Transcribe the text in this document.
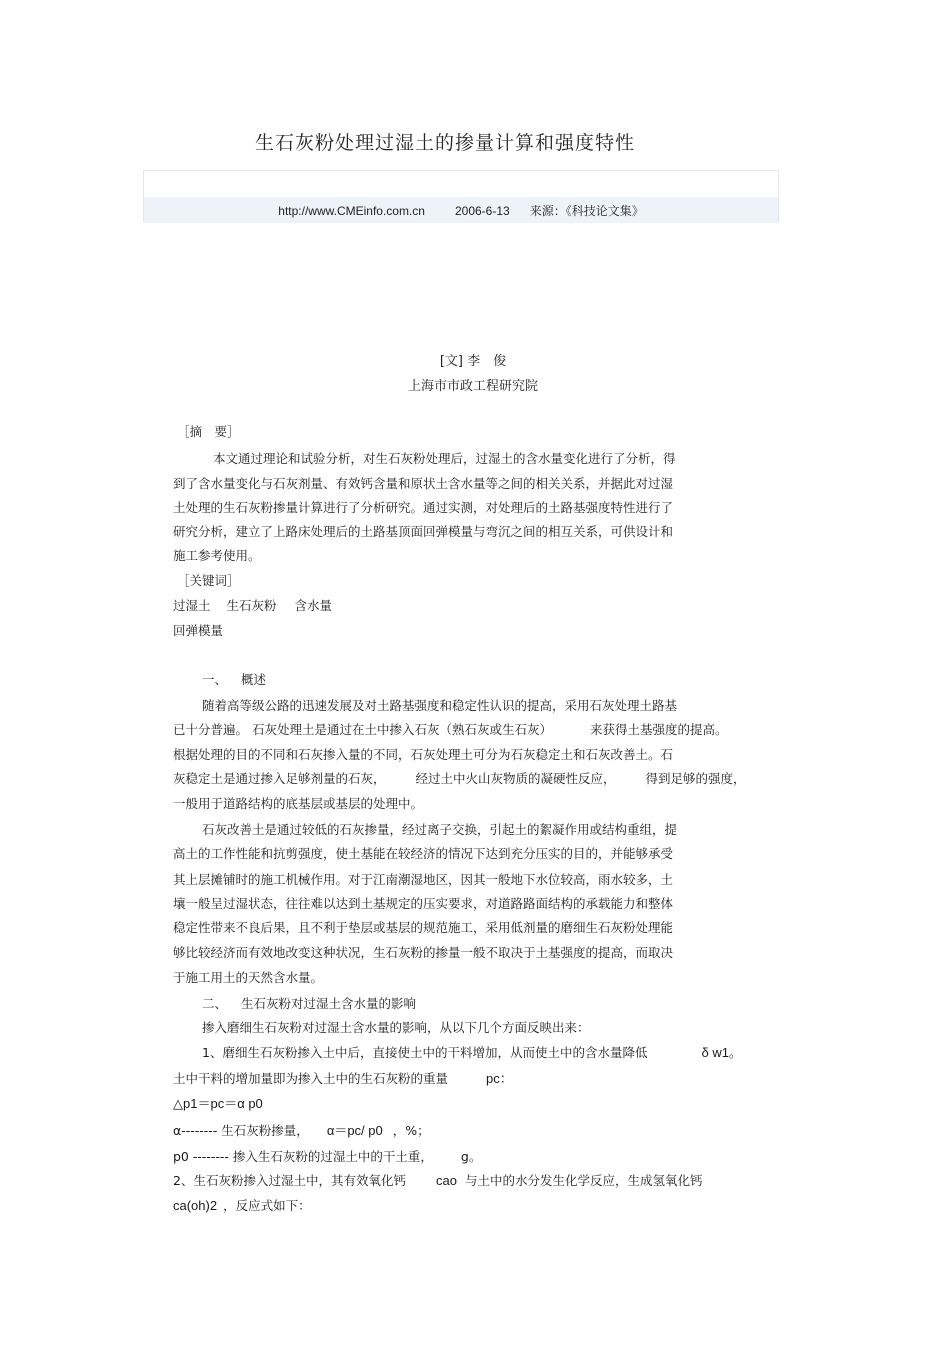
生石灰粉处理过湿土的掺量计算和强度特性
http://www.CMEinfo.com.cn	2006-6-13 来源：《科技论文集》
[文] 李　俊
上海市市政工程研究院
［摘　要］
本文通过理论和试验分析，对生石灰粉处理后，过湿土的含水量变化进行了分析，得
到了含水量变化与石灰剂量、有效钙含量和原状土含水量等之间的相关关系，并据此对过湿
土处理的生石灰粉掺量计算进行了分析研究。通过实测，对处理后的土路基强度特性进行了
研究分析，建立了上路床处理后的土路基顶面回弹模量与弯沉之间的相互关系，可供设计和
施工参考使用。
［关键词］
过湿土 生石灰粉 含水量
回弹模量
一、 概述
随着高等级公路的迅速发展及对土路基强度和稳定性认识的提高，采用石灰处理土路基
已十分普遍。 石灰处理土是通过在土中掺入石灰（熟石灰或生石灰）	来获得土基强度的提高。
根据处理的目的不同和石灰掺入量的不同，石灰处理土可分为石灰稳定土和石灰改善土。石
灰稳定土是通过掺入足够剂量的石灰， 经过土中火山灰物质的凝硬性反应， 得到足够的强度，
一般用于道路结构的底基层或基层的处理中。
石灰改善土是通过较低的石灰掺量，经过离子交换，引起土的絮凝作用或结构重组，提
高土的工作性能和抗剪强度，使土基能在较经济的情况下达到充分压实的目的，并能够承受
其上层摊铺时的施工机械作用。对于江南潮湿地区，因其一般地下水位较高，雨水较多，土
壤一般呈过湿状态，往往难以达到土基规定的压实要求，对道路路面结构的承载能力和整体
稳定性带来不良后果，且不利于垫层或基层的规范施工，采用低剂量的磨细生石灰粉处理能
够比较经济而有效地改变这种状况，生石灰粉的掺量一般不取决于土基强度的提高，而取决
于施工用土的天然含水量。
二、 生石灰粉对过湿土含水量的影响
掺入磨细生石灰粉对过湿土含水量的影响，从以下几个方面反映出来：
1、磨细生石灰粉掺入土中后，直接使土中的干料增加，从而使土中的含水量降低	δ w1。
土中干料的增加量即为掺入土中的生石灰粉的重量	pc：
△p1＝pc＝α p0
α-------- 生石灰粉掺量， α＝pc/ p0 ，%；
p0 -------- 掺入生石灰粉的过湿土中的干土重， g。
2、生石灰粉掺入过湿土中，其有效氧化钙 cao 与土中的水分发生化学反应，生成氢氧化钙
ca(oh)2 ，反应式如下：
